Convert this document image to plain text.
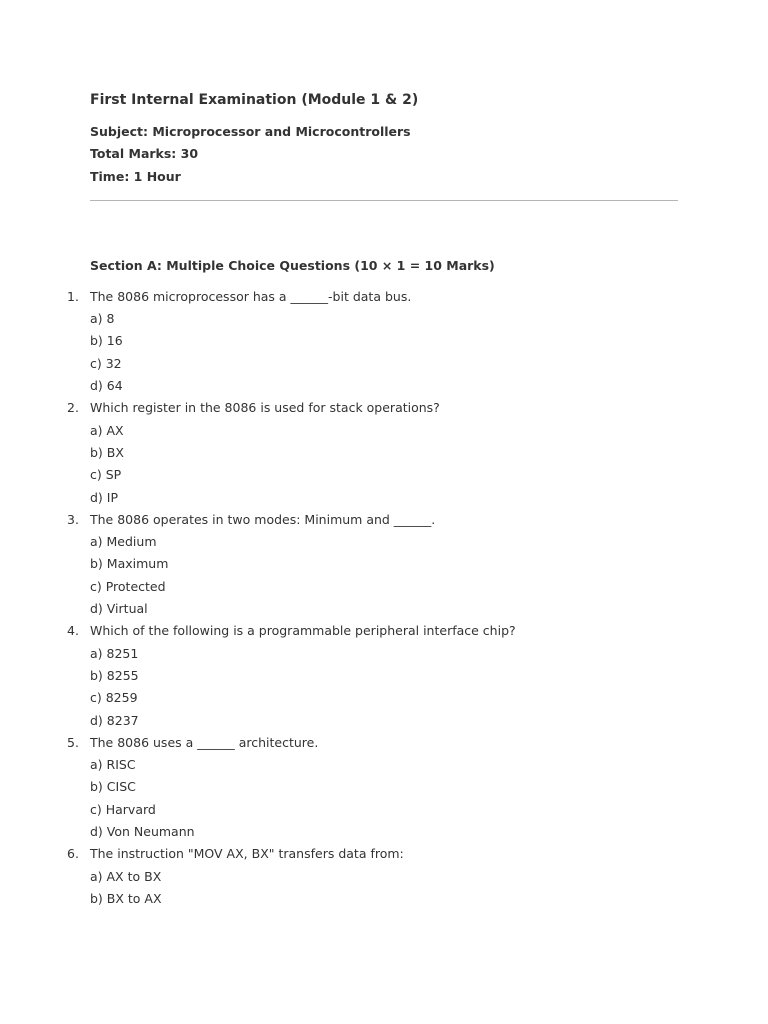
First Internal Examination (Module 1 & 2)
Subject: Microprocessor and Microcontrollers
Total Marks: 30
Time: 1 Hour
Section A: Multiple Choice Questions (10 × 1 = 10 Marks)
1. The 8086 microprocessor has a ______-bit data bus.
a) 8
b) 16
c) 32
d) 64
2. Which register in the 8086 is used for stack operations?
a) AX
b) BX
c) SP
d) IP
3. The 8086 operates in two modes: Minimum and ______.
a) Medium
b) Maximum
c) Protected
d) Virtual
4. Which of the following is a programmable peripheral interface chip?
a) 8251
b) 8255
c) 8259
d) 8237
5. The 8086 uses a ______ architecture.
a) RISC
b) CISC
c) Harvard
d) Von Neumann
6. The instruction "MOV AX, BX" transfers data from:
a) AX to BX
b) BX to AX
